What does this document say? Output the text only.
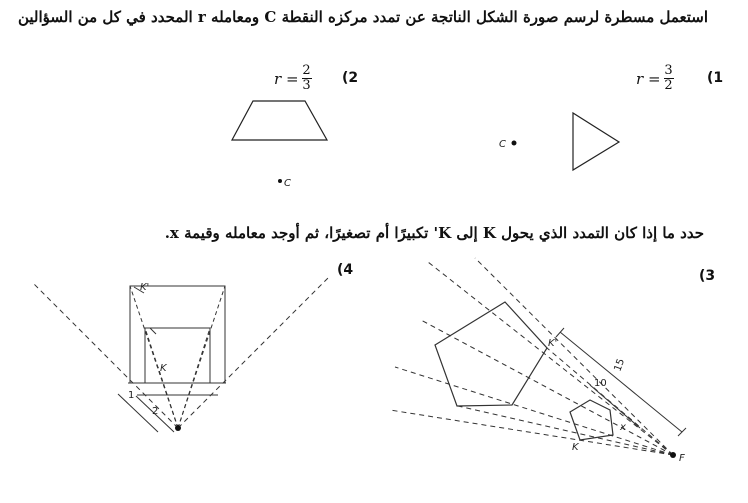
استعمل مسطرة لرسم صورة الشكل الناتجة عن تمدد مركزه النقطة C ومعامله r المحدد في كل من السؤالين
(1
$r = \frac{3}{2}$
(2
$r = \frac{2}{3}$
حدد ما إذا كان التمدد الذي يحول K إلى K' تكبيرًا أم تصغيرًا، ثم أوجد معامله وقيمة x.
(3
(4
C
C
K'
K
1
2
K'
K
F
10
x
15
